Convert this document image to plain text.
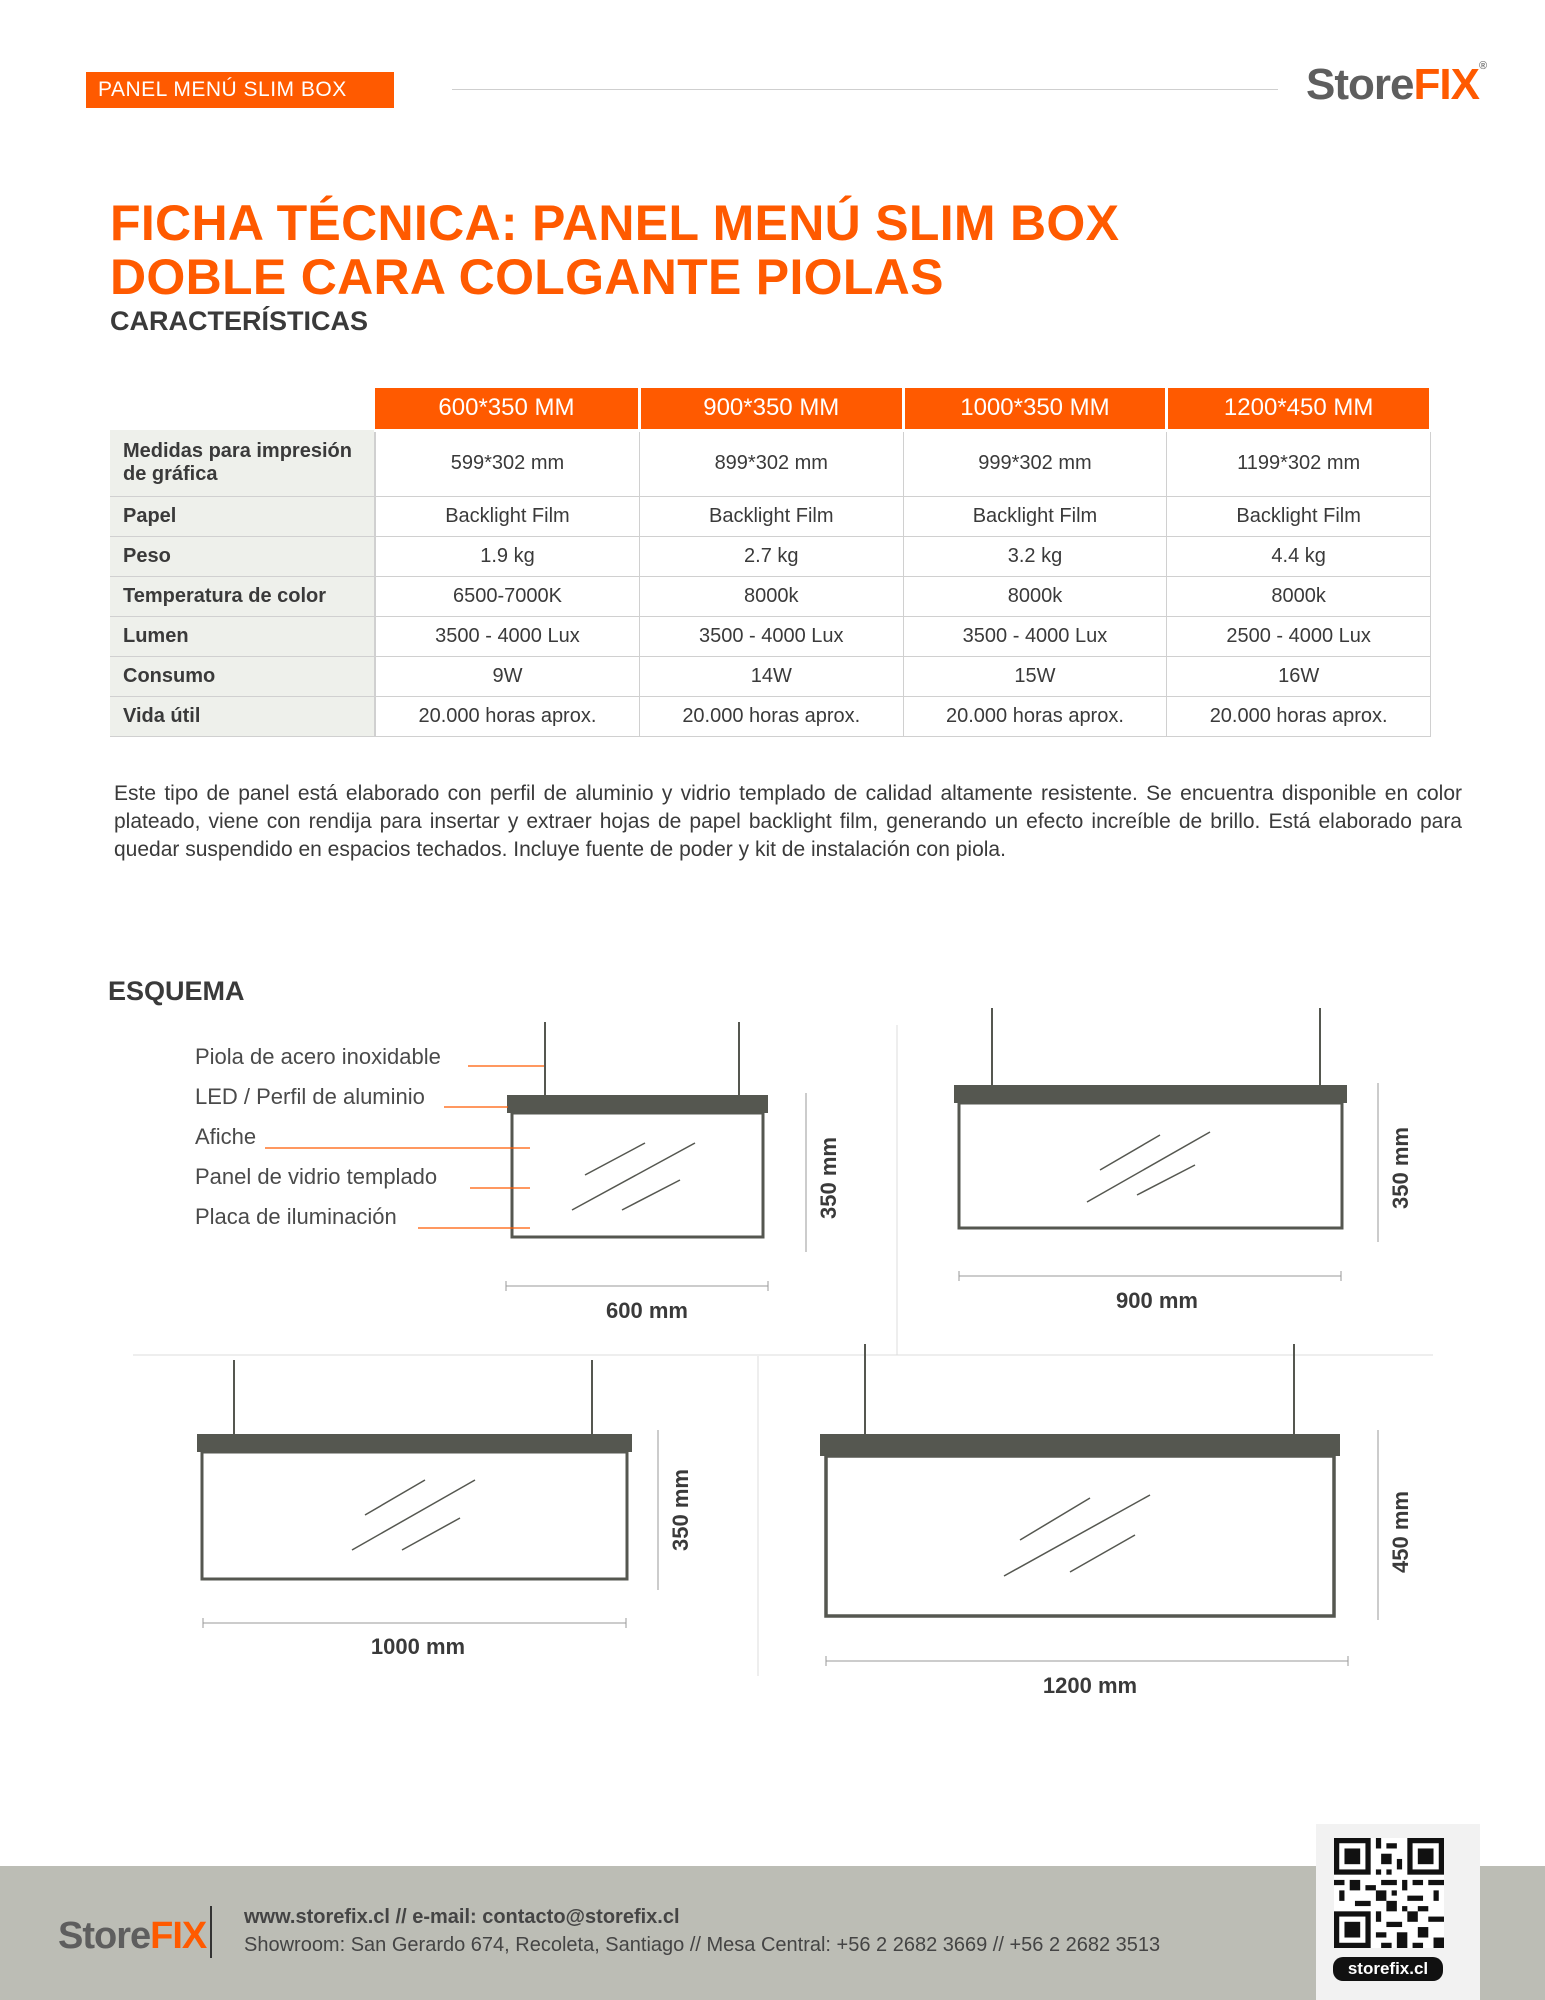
PANEL MENÚ SLIM BOX	StoreFIX®
FICHA TÉCNICA: PANEL MENÚ SLIM BOX
DOBLE CARA COLGANTE PIOLAS
CARACTERÍSTICAS
	600*350 MM	900*350 MM	1000*350 MM	1200*450 MM
Medidas para impresión de gráfica	599*302 mm	899*302 mm	999*302 mm	1199*302 mm
Papel	Backlight Film	Backlight Film	Backlight Film	Backlight Film
Peso	1.9 kg	2.7 kg	3.2 kg	4.4 kg
Temperatura de color	6500-7000K	8000k	8000k	8000k
Lumen	3500 - 4000 Lux	3500 - 4000 Lux	3500 - 4000 Lux	2500 - 4000 Lux
Consumo	9W	14W	15W	16W
Vida útil	20.000 horas aprox.	20.000 horas aprox.	20.000 horas aprox.	20.000 horas aprox.
Este tipo de panel está elaborado con perfil de aluminio y vidrio templado de calidad altamente resistente. Se encuentra disponible en color plateado, viene con rendija para insertar y extraer hojas de papel backlight film, generando un efecto increíble de brillo. Está elaborado para quedar suspendido en espacios techados. Incluye fuente de poder y kit de instalación con piola.
ESQUEMA
600 mm
350 mm
Piola de acero inoxidable
LED / Perfil de aluminio
Afiche
Panel de vidrio templado
Placa de iluminación
900 mm
350 mm
1000 mm
350 mm
1200 mm
450 mm
StoreFIX www.storefix.cl // e-mail: contacto@storefix.cl
Showroom: San Gerardo 674, Recoleta, Santiago // Mesa Central: +56 2 2682 3669 // +56 2 2682 3513
storefix.cl
